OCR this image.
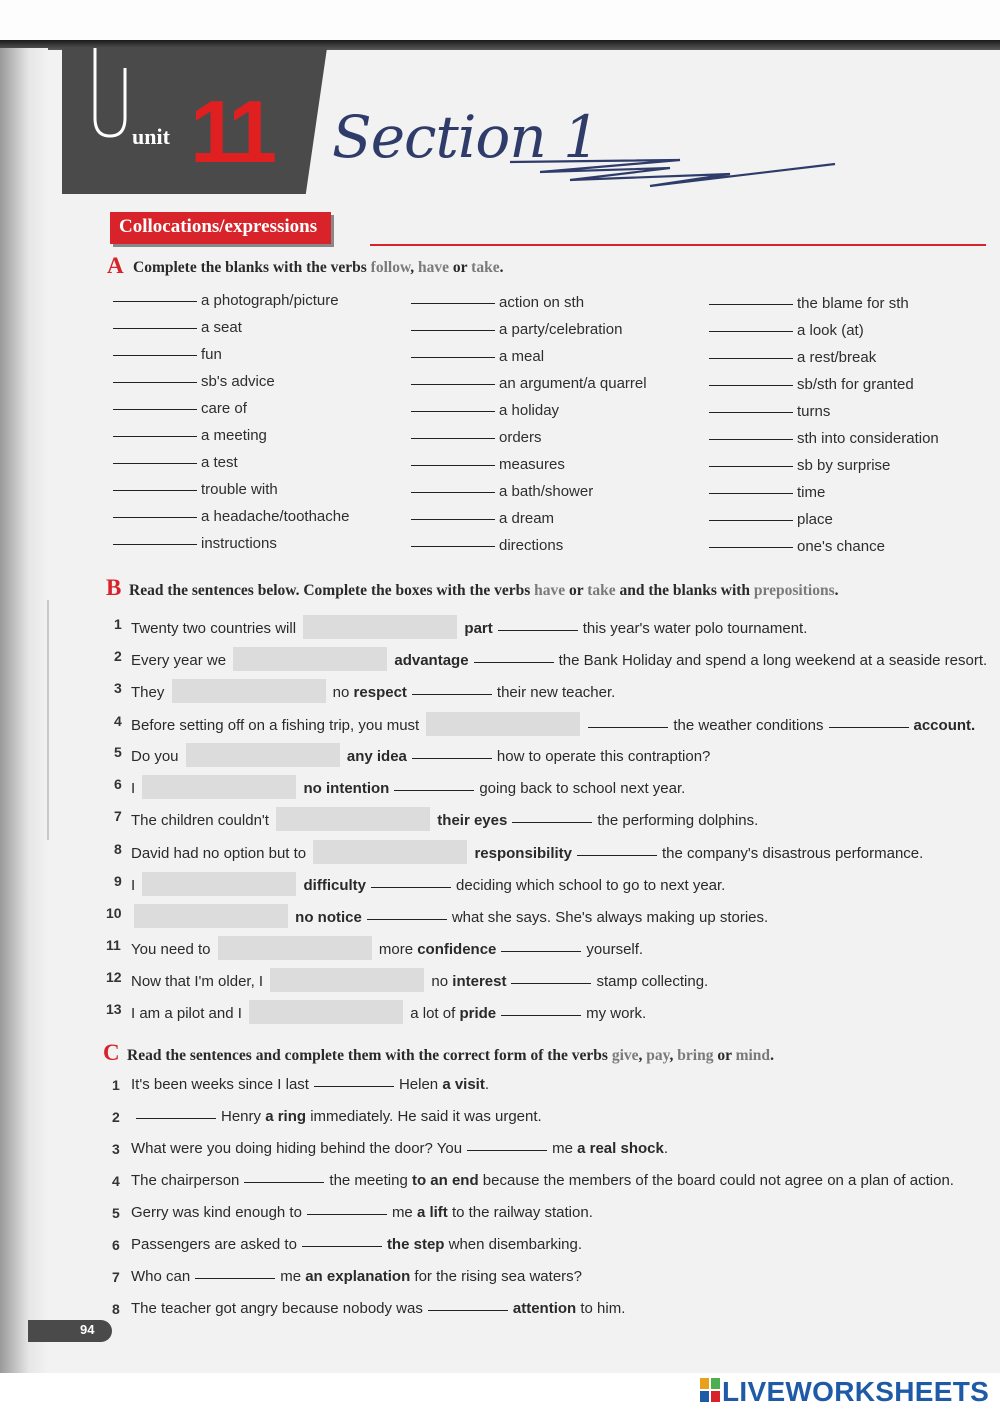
unit 11 Section 1
Collocations/expressions
A Complete the blanks with the verbs follow, have or take.
a photograph/picture
a seat
fun
sb's advice
care of
a meeting
a test
trouble with
a headache/toothache
instructions
action on sth
a party/celebration
a meal
an argument/a quarrel
a holiday
orders
measures
a bath/shower
a dream
directions
the blame for sth
a look (at)
a rest/break
sb/sth for granted
turns
sth into consideration
sb by surprise
time
place
one's chance
B Read the sentences below. Complete the boxes with the verbs have or take and the blanks with prepositions.
1 Twenty two countries will	part	this year's water polo tournament.
2 Every year we	advantage	the Bank Holiday and spend a long weekend at a seaside resort.
3 They	no respect	their new teacher.
4 Before setting off on a fishing trip, you must	the weather conditions	account.
5 Do you	any idea	how to operate this contraption?
6 I	no intention	going back to school next year.
7 The children couldn't	their eyes	the performing dolphins.
8 David had no option but to	responsibility	the company's disastrous performance.
9 I	difficulty	deciding which school to go to next year.
10	no notice	what she says. She's always making up stories.
11 You need to	more confidence	yourself.
12 Now that I'm older, I	no interest	stamp collecting.
13 I am a pilot and I	a lot of pride	my work.
C Read the sentences and complete them with the correct form of the verbs give, pay, bring or mind.
1 It's been weeks since I last	Helen a visit.
2	Henry a ring immediately. He said it was urgent.
3 What were you doing hiding behind the door? You	me a real shock.
4 The chairperson	the meeting to an end because the members of the board could not agree on a plan of action.
5 Gerry was kind enough to	me a lift to the railway station.
6 Passengers are asked to	the step when disembarking.
7 Who can	me an explanation for the rising sea waters?
8 The teacher got angry because nobody was	attention to him.
94
LIVEWORKSHEETS
